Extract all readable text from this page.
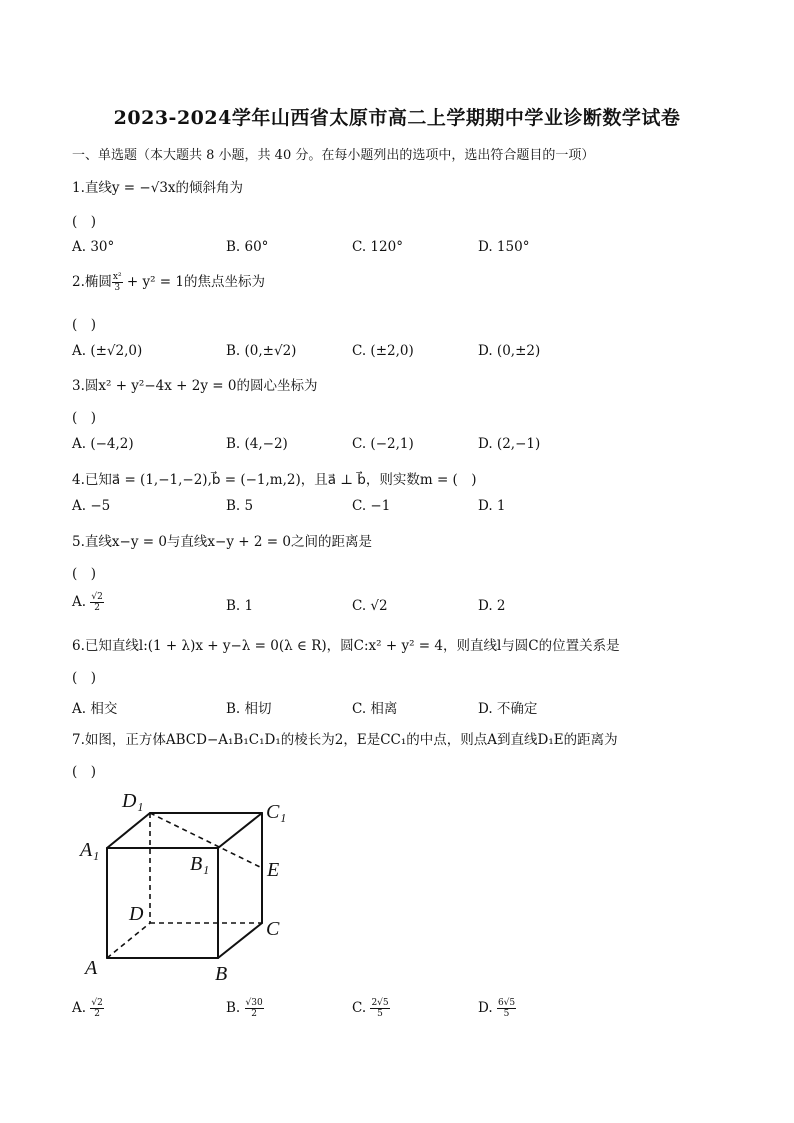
2023-2024学年山西省太原市高二上学期期中学业诊断数学试卷
一、单选题（本大题共 8 小题，共 40 分。在每小题列出的选项中，选出符合题目的一项）
1.直线y = −√3x的倾斜角为
(　)
A. 30°	B. 60°	C. 120°	D. 150°
2.椭圆 $\frac{\text{x²}}{3} + y^2 = 1$的焦点坐标为
(　)
A. (±√2,0)	B. (0,±√2)	C. (±2,0)	D. (0,±2)
3.圆x² + y²−4x + 2y = 0的圆心坐标为
(　)
A. (−4,2)	B. (4,−2)	C. (−2,1)	D. (2,−1)
4.已知a⃗ = (1,−1,−2),b⃗ = (−1,m,2)，且a⃗ ⊥ b⃗，则实数m = (　)
A. −5	B. 5	C. −1	D. 1
5.直线x−y = 0与直线x−y + 2 = 0之间的距离是
(　)
A. $\frac{√2}{2}$	B. 1	C. √2	D. 2
6.已知直线l:(1 + λ)x + y−λ = 0(λ ∈ R)，圆C:x² + y² = 4，则直线l与圆C的位置关系是
(　)
A. 相交	B. 相切	C. 相离	D. 不确定
7.如图，正方体ABCD−A₁B₁C₁D₁的棱长为2，E是CC₁的中点，则点A到直线D₁E的距离为
(　)
D₁	C₁
A₁
B₁	E
D
C
A	B
A. $\frac{√2}{2}$	B. $\frac{√30}{2}$	C. $\frac{2√5}{5}$	D. $\frac{6√5}{5}$
